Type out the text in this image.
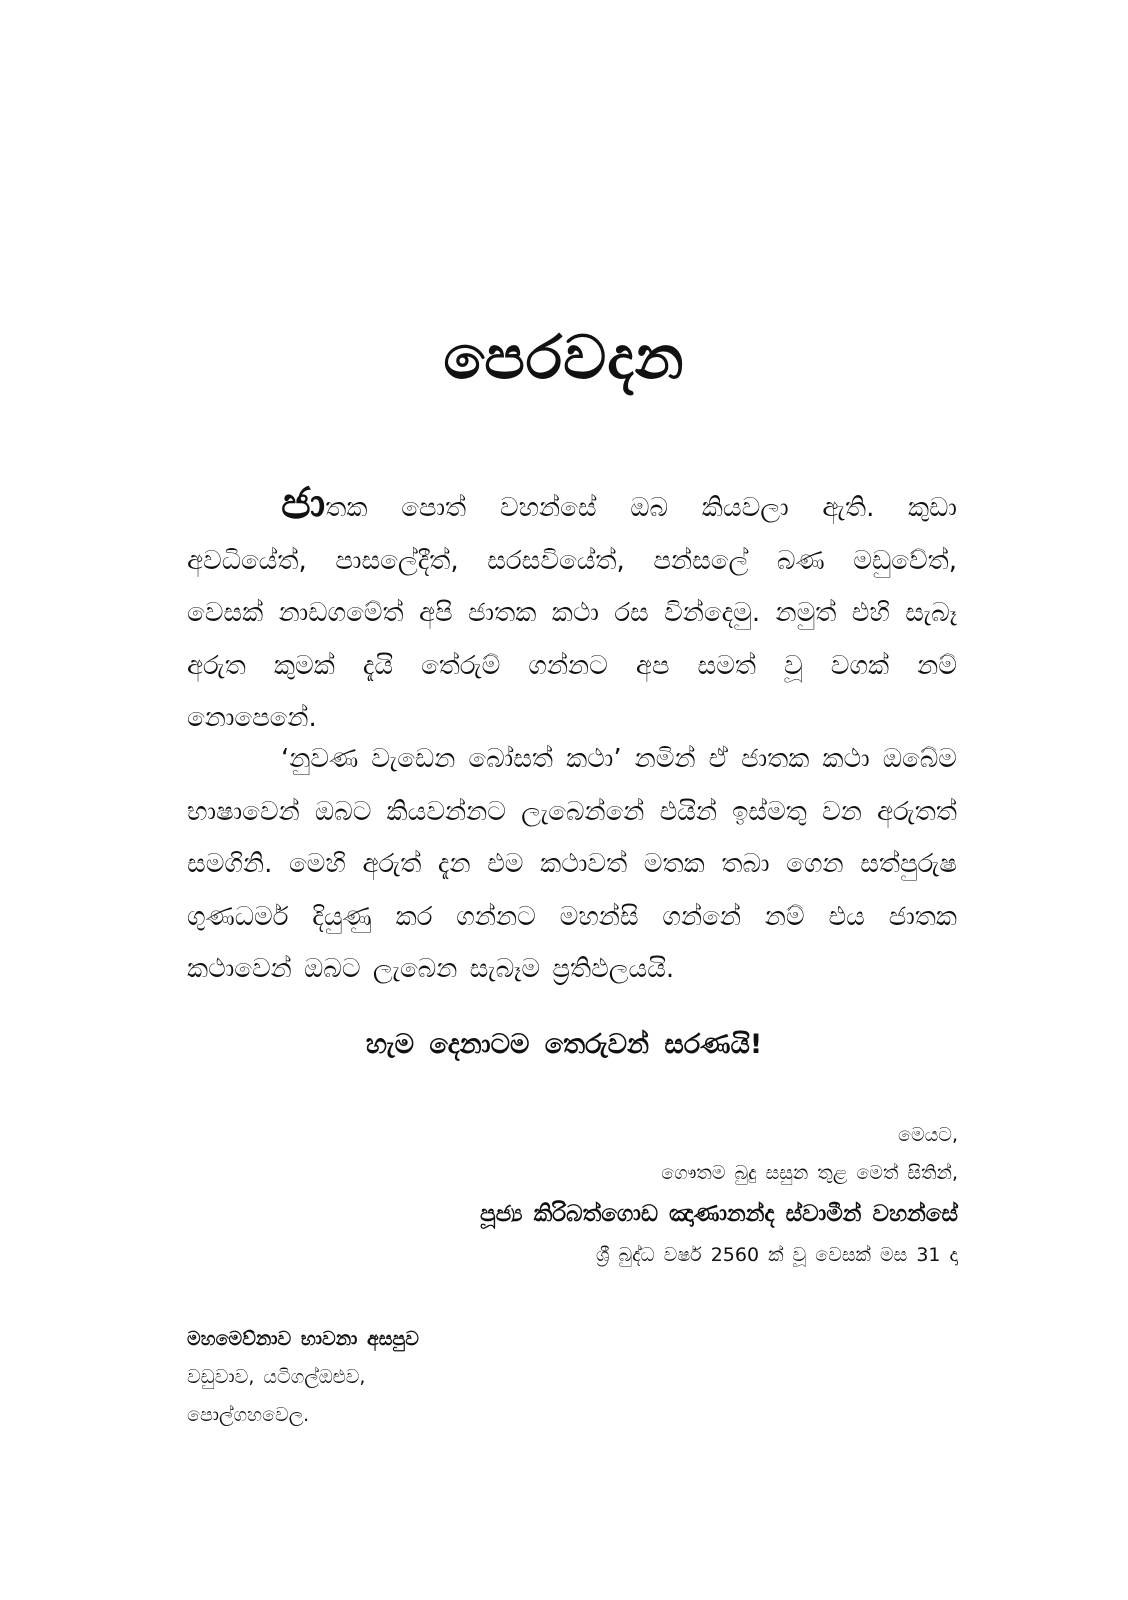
පෙරවදන
ජාතක පොත් වහන්සේ ඔබ කියවලා ඇති. කුඩා අවධියේත්, පාසලේදීත්, සරසවියේත්, පන්සලේ බණ මඩුවේත්, වෙසක් නාඩගමේත් අපි ජාතක කථා රස වින්දෙමු. නමුත් එහි සැබෑ අරුත කුමක් දැයි තේරුම් ගන්නට අප සමත් වූ වගක් නම් නොපෙනේ.
‘නුවණ වැඩෙන බෝසත් කථා’ නමින් ඒ ජාතක කථා ඔබේම භාෂාවෙන් ඔබට කියවන්නට ලැබෙන්නේ එයින් ඉස්මතු වන අරුතත් සමගිනි. මෙහි අරුත් දැන එම කථාවත් මතක තබා ගෙන සත්පුරුෂ ගුණධර්ම දියුණු කර ගන්නට මහන්සි ගන්නේ නම් එය ජාතක කථාවෙන් ඔබට ලැබෙන සැබෑම ප්‍රතිඵලයයි.
හැම දෙනාටම තෙරුවන් සරණයි!
මෙයට,
ගෞතම බුදු සසුන තුළ මෙත් සිතින්,
පූජ්‍ය කිරිබත්ගොඩ ඤාණානන්ද ස්වාමීන් වහන්සේ
ශ්‍රී බුද්ධ වර්ෂ 2560 ක් වූ වෙසක් මස 31 දා
මහමෙව්නාව භාවනා අසපුව
වඩුවාව, යටිගල්ඔළුව,
පොල්ගහවෙල.
